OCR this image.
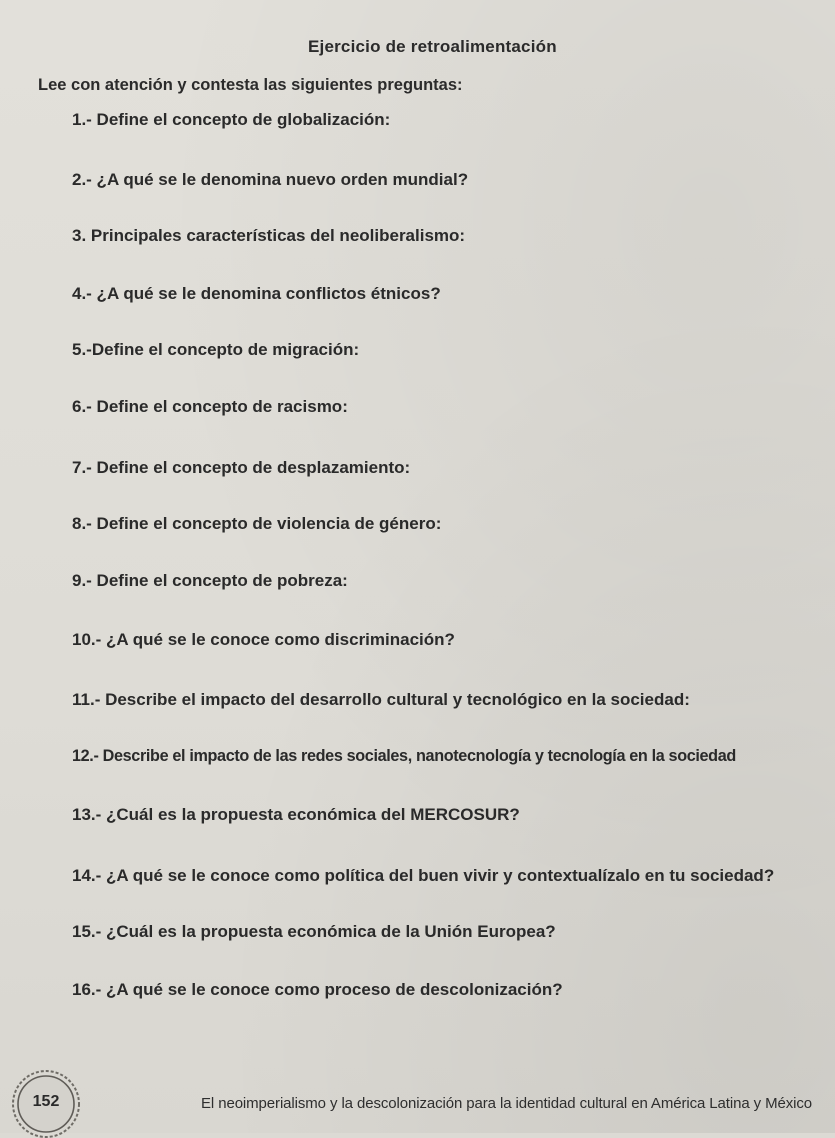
Ejercicio de retroalimentación
Lee con atención y contesta las siguientes preguntas:
1.- Define el concepto de globalización:
2.- ¿A qué se le denomina nuevo orden mundial?
3. Principales características del neoliberalismo:
4.- ¿A qué se le denomina conflictos étnicos?
5.-Define el concepto de migración:
6.- Define el concepto de racismo:
7.- Define el concepto de desplazamiento:
8.- Define el concepto de violencia de género:
9.- Define el concepto de pobreza:
10.- ¿A qué se le conoce como discriminación?
11.- Describe el impacto del desarrollo cultural y tecnológico en la sociedad:
12.- Describe el impacto de las redes sociales, nanotecnología y tecnología en la sociedad
13.- ¿Cuál es la propuesta económica del MERCOSUR?
14.- ¿A qué se le conoce como política del buen vivir y contextualízalo en tu sociedad?
15.- ¿Cuál es la propuesta económica de la Unión Europea?
16.- ¿A qué se le conoce como proceso de descolonización?
152	El neoimperialismo y la descolonización para la identidad cultural en América Latina y México
